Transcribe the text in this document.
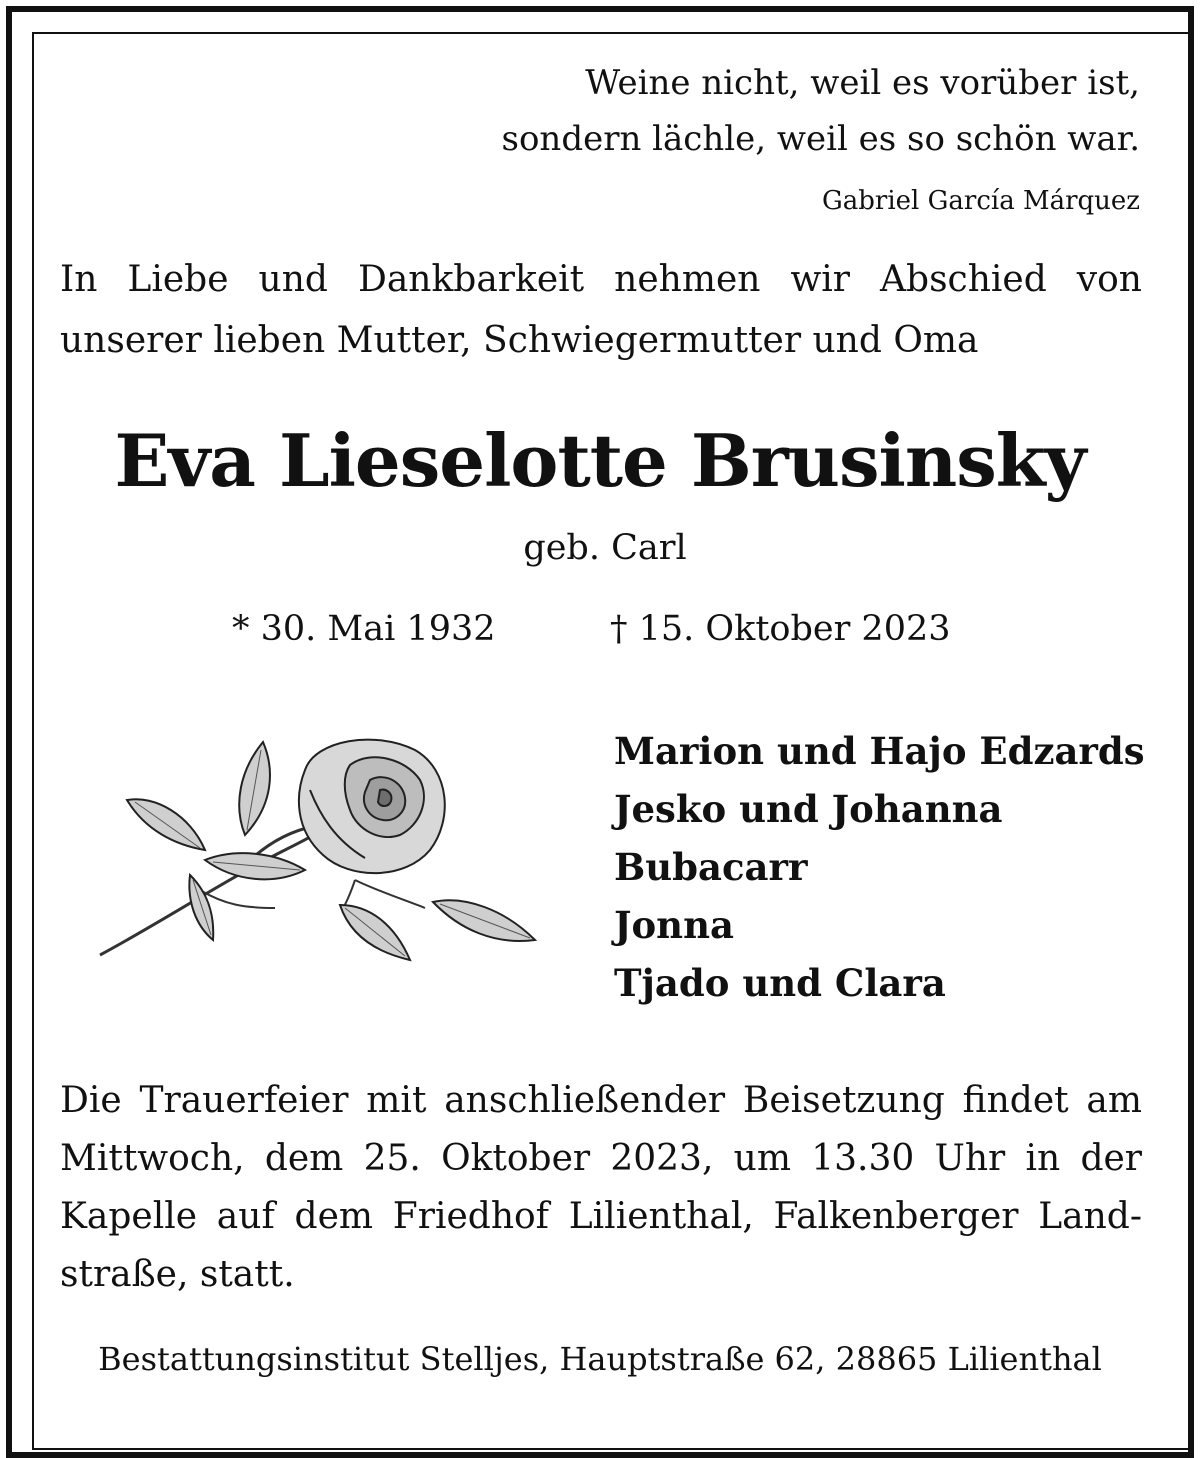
Weine nicht, weil es vorüber ist,
sondern lächle, weil es so schön war.
Gabriel García Márquez
In Liebe und Dankbarkeit nehmen wir Abschied von
unserer lieben Mutter, Schwiegermutter und Oma
Eva Lieselotte Brusinsky
geb. Carl
* 30. Mai 1932	† 15. Oktober 2023
Marion und Hajo Edzards
Jesko und Johanna
Bubacarr
Jonna
Tjado und Clara
Die Trauerfeier mit anschließender Beisetzung findet am
Mittwoch, dem 25. Oktober 2023, um 13.30 Uhr in der
Kapelle auf dem Friedhof Lilienthal, Falkenberger Land-
straße, statt.
Bestattungsinstitut Stelljes, Hauptstraße 62, 28865 Lilienthal
